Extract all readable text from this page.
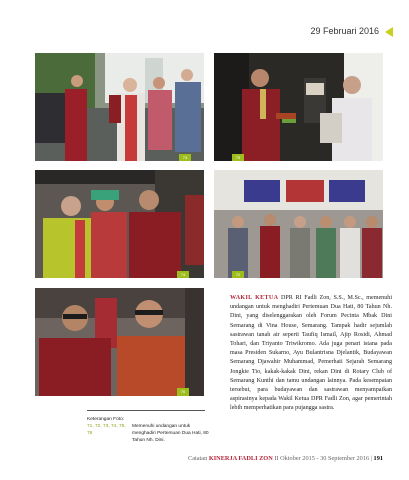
29 Februari 2016
73	75
74	72
76
WAKIL KETUA DPR RI Fadli Zon, S.S., M.Sc., memenuhi undangan untuk menghadiri Pertemuan Dua Hati, 80 Tahun Nh. Dini, yang diselenggarakan oleh Forum Pecinta Mbak Dini Semarang di Vina House, Semarang. Tampak hadir sejumlah sastrawan tanah air seperti Taufiq Ismail, Ajip Rosidi, Ahmad Tohari, dan Triyanto Triwikromo. Ada juga penari istana pada masa Presiden Sukarno, Ayu Bulantrisna Djelantik, Budayawan Semarang Djawahir Muhammad, Pemerhati Sejarah Semarang Jongkie Tio, kakak-kakak Dini, rekan Dini di Rotary Club of Semarang Kunthi dan tamu undangan lainnya. Pada kesempatan tersebut, para budayawan dan sastrawan menyampaikan aspirasinya kepada Wakil Ketua DPR Fadli Zon, agar pemerintah lebih memperhatikan para pujangga sastra.
Keterangan Foto:
71, 72, 73, 74, 75, 76
Memenuhi undangan untuk menghadiri Pertemuan Dua Hati, 80 Tahun Nh. Dini.
Catatan KINERJA FADLI ZON II Oktober 2015 - 30 September 2016 | 191
